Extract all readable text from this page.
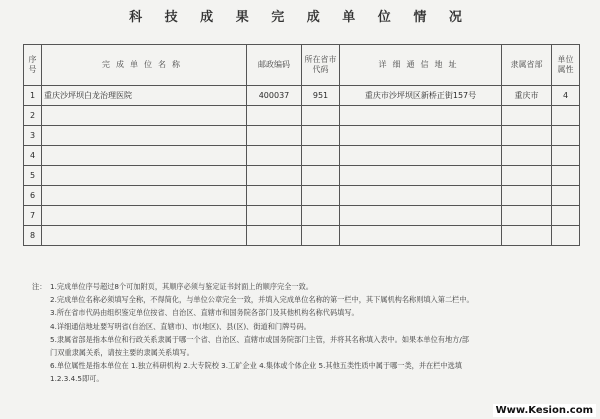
科 技 成 果 完 成 单 位 情 况
序号	完成单位名称	邮政编码	所在省市代码	详细通信地址	隶属省部	单位属性
1	重庆沙坪坝白龙治理医院	400037	951	重庆市沙坪坝区新桥正街157号	重庆市	4
2						
3						
4						
5						
6						
7						
8						
注： 1.完成单位序号超过8个可加附页，其顺序必须与鉴定证书封面上的顺序完全一致。
2.完成单位名称必须填写全称，不得简化，与单位公章完全一致，并填入完成单位名称的第一栏中，其下属机构名称则填入第二栏中。
3.所在省市代码由组织鉴定单位按省、自治区、直辖市和国务院各部门及其他机构名称代码填写。
4.详细通信地址要写明省(自治区、直辖市)、市(地区)、县(区)、街道和门牌号码。
5.隶属省部是指本单位和行政关系隶属于哪一个省、自治区、直辖市或国务院部门主管，并将其名称填入表中。如果本单位有地方/部
门双重隶属关系，请按主要的隶属关系填写。
6.单位属性是指本单位在 1.独立科研机构 2.大专院校 3.工矿企业 4.集体或个体企业 5.其他五类性质中属于哪一类，并在栏中选填
1.2.3.4.5即可。
Www.Kesion.com
